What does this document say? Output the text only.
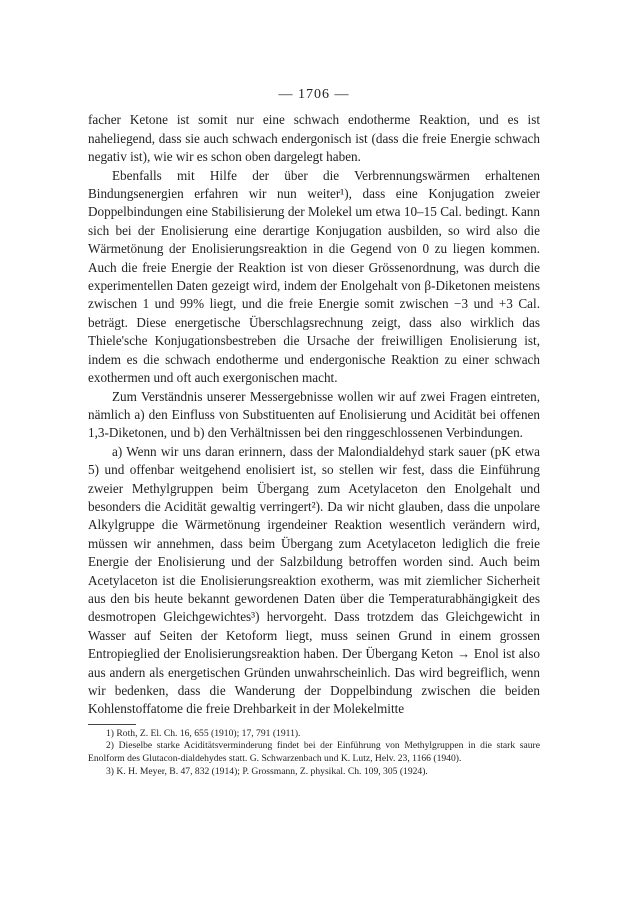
— 1706 —

facher Ketone ist somit nur eine schwach endotherme Reaktion, und es ist naheliegend, dass sie auch schwach endergonisch ist (dass die freie Energie schwach negativ ist), wie wir es schon oben dargelegt haben.

Ebenfalls mit Hilfe der über die Verbrennungswärmen erhaltenen Bindungsenergien erfahren wir nun weiter¹), dass eine Konjugation zweier Doppelbindungen eine Stabilisierung der Molekel um etwa 10–15 Cal. bedingt. Kann sich bei der Enolisierung eine derartige Konjugation ausbilden, so wird also die Wärmetönung der Enolisierungsreaktion in die Gegend von 0 zu liegen kommen. Auch die freie Energie der Reaktion ist von dieser Grössenordnung, was durch die experimentellen Daten gezeigt wird, indem der Enolgehalt von β-Diketonen meistens zwischen 1 und 99% liegt, und die freie Energie somit zwischen −3 und +3 Cal. beträgt. Diese energetische Überschlagsrechnung zeigt, dass also wirklich das Thiele'sche Konjugationsbestreben die Ursache der freiwilligen Enolisierung ist, indem es die schwach endotherme und endergonische Reaktion zu einer schwach exothermen und oft auch exergonischen macht.

Zum Verständnis unserer Messergebnisse wollen wir auf zwei Fragen eintreten, nämlich a) den Einfluss von Substituenten auf Enolisierung und Acidität bei offenen 1,3-Diketonen, und b) den Verhältnissen bei den ringgeschlossenen Verbindungen.

a) Wenn wir uns daran erinnern, dass der Malondialdehyd stark sauer (pK etwa 5) und offenbar weitgehend enolisiert ist, so stellen wir fest, dass die Einführung zweier Methylgruppen beim Übergang zum Acetylaceton den Enolgehalt und besonders die Acidität gewaltig verringert²). Da wir nicht glauben, dass die unpolare Alkylgruppe die Wärmetönung irgendeiner Reaktion wesentlich verändern wird, müssen wir annehmen, dass beim Übergang zum Acetylaceton lediglich die freie Energie der Enolisierung und der Salzbildung betroffen worden sind. Auch beim Acetylaceton ist die Enolisierungsreaktion exotherm, was mit ziemlicher Sicherheit aus den bis heute bekannt gewordenen Daten über die Temperaturabhängigkeit des desmotropen Gleichgewichtes³) hervorgeht. Dass trotzdem das Gleichgewicht in Wasser auf Seiten der Ketoform liegt, muss seinen Grund in einem grossen Entropieglied der Enolisierungsreaktion haben. Der Übergang Keton → Enol ist also aus andern als energetischen Gründen unwahrscheinlich. Das wird begreiflich, wenn wir bedenken, dass die Wanderung der Doppelbindung zwischen die beiden Kohlenstoffatome die freie Drehbarkeit in der Molekelmitte

1) Roth, Z. El. Ch. 16, 655 (1910); 17, 791 (1911).

2) Dieselbe starke Aciditätsverminderung findet bei der Einführung von Methylgruppen in die stark saure Enolform des Glutacon-dialdehydes statt. G. Schwarzenbach und K. Lutz, Helv. 23, 1166 (1940).

3) K. H. Meyer, B. 47, 832 (1914); P. Grossmann, Z. physikal. Ch. 109, 305 (1924).
